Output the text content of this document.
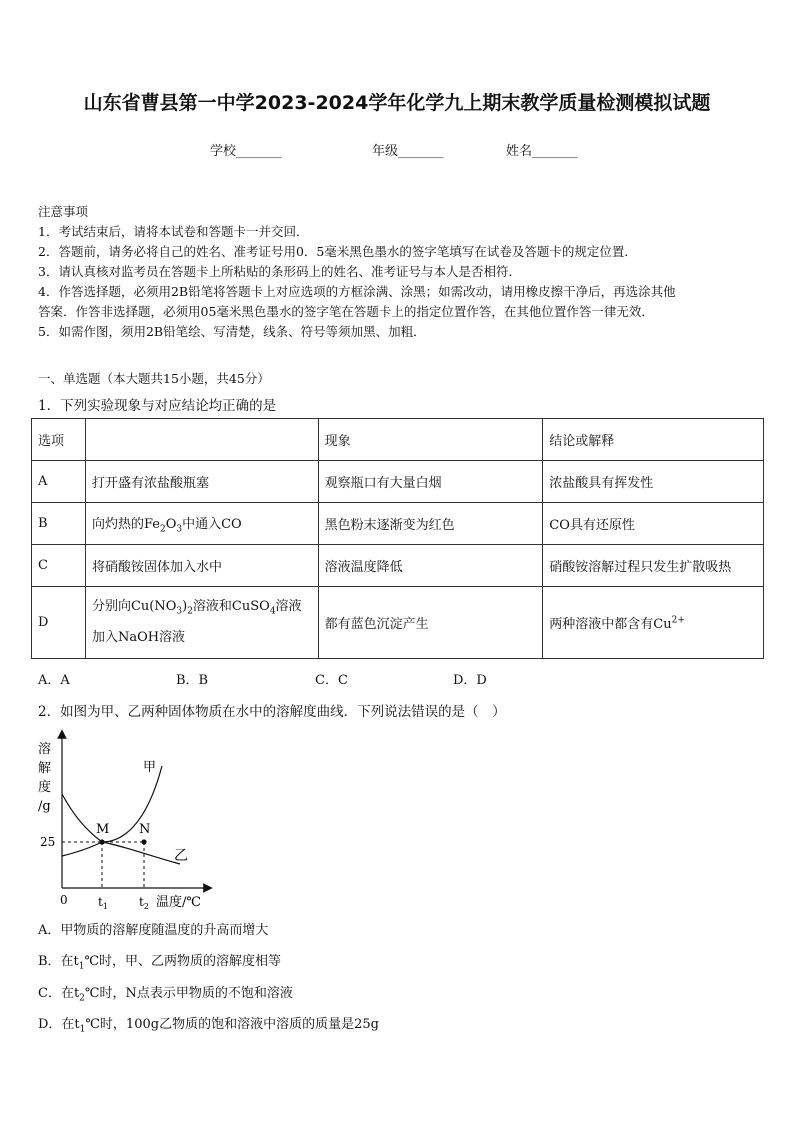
山东省曹县第一中学2023-2024学年化学九上期末教学质量检测模拟试题
学校_______	年级_______	姓名_______
注意事项
1．考试结束后，请将本试卷和答题卡一并交回．
2．答题前，请务必将自己的姓名、准考证号用0．5毫米黑色墨水的签字笔填写在试卷及答题卡的规定位置．
3．请认真核对监考员在答题卡上所粘贴的条形码上的姓名、准考证号与本人是否相符．
4．作答选择题，必须用2B铅笔将答题卡上对应选项的方框涂满、涂黑；如需改动，请用橡皮擦干净后，再选涂其他
答案．作答非选择题，必须用05毫米黑色墨水的签字笔在答题卡上的指定位置作答，在其他位置作答一律无效．
5．如需作图，须用2B铅笔绘、写清楚，线条、符号等须加黑、加粗．
一、单选题（本大题共15小题，共45分）
1．下列实验现象与对应结论均正确的是
选项		现象	结论或解释
A	打开盛有浓盐酸瓶塞	观察瓶口有大量白烟	浓盐酸具有挥发性
B	向灼热的$Fe_2O_3$中通入CO	黑色粉末逐渐变为红色	CO具有还原性
C	将硝酸铵固体加入水中	溶液温度降低	硝酸铵溶解过程只发生扩散吸热
D	分别向$Cu(NO_3)_2$溶液和CuSO$_4$溶液
加入NaOH溶液	都有蓝色沉淀产生	两种溶液中都含有$Cu^{2+}$
A．A	B．B	C．C	D．D
2．如图为甲、乙两种固体物质在水中的溶解度曲线．下列说法错误的是（　）
溶
解
度
/g
25
0	$t_1$	$t_2$ 温度/℃
甲
乙
M N
A．甲物质的溶解度随温度的升高而增大
B．在$t_1℃$时，甲、乙两物质的溶解度相等
C．在$t_2℃$时，N点表示甲物质的不饱和溶液
D．在$t_1℃$时，100g乙物质的饱和溶液中溶质的质量是25g
